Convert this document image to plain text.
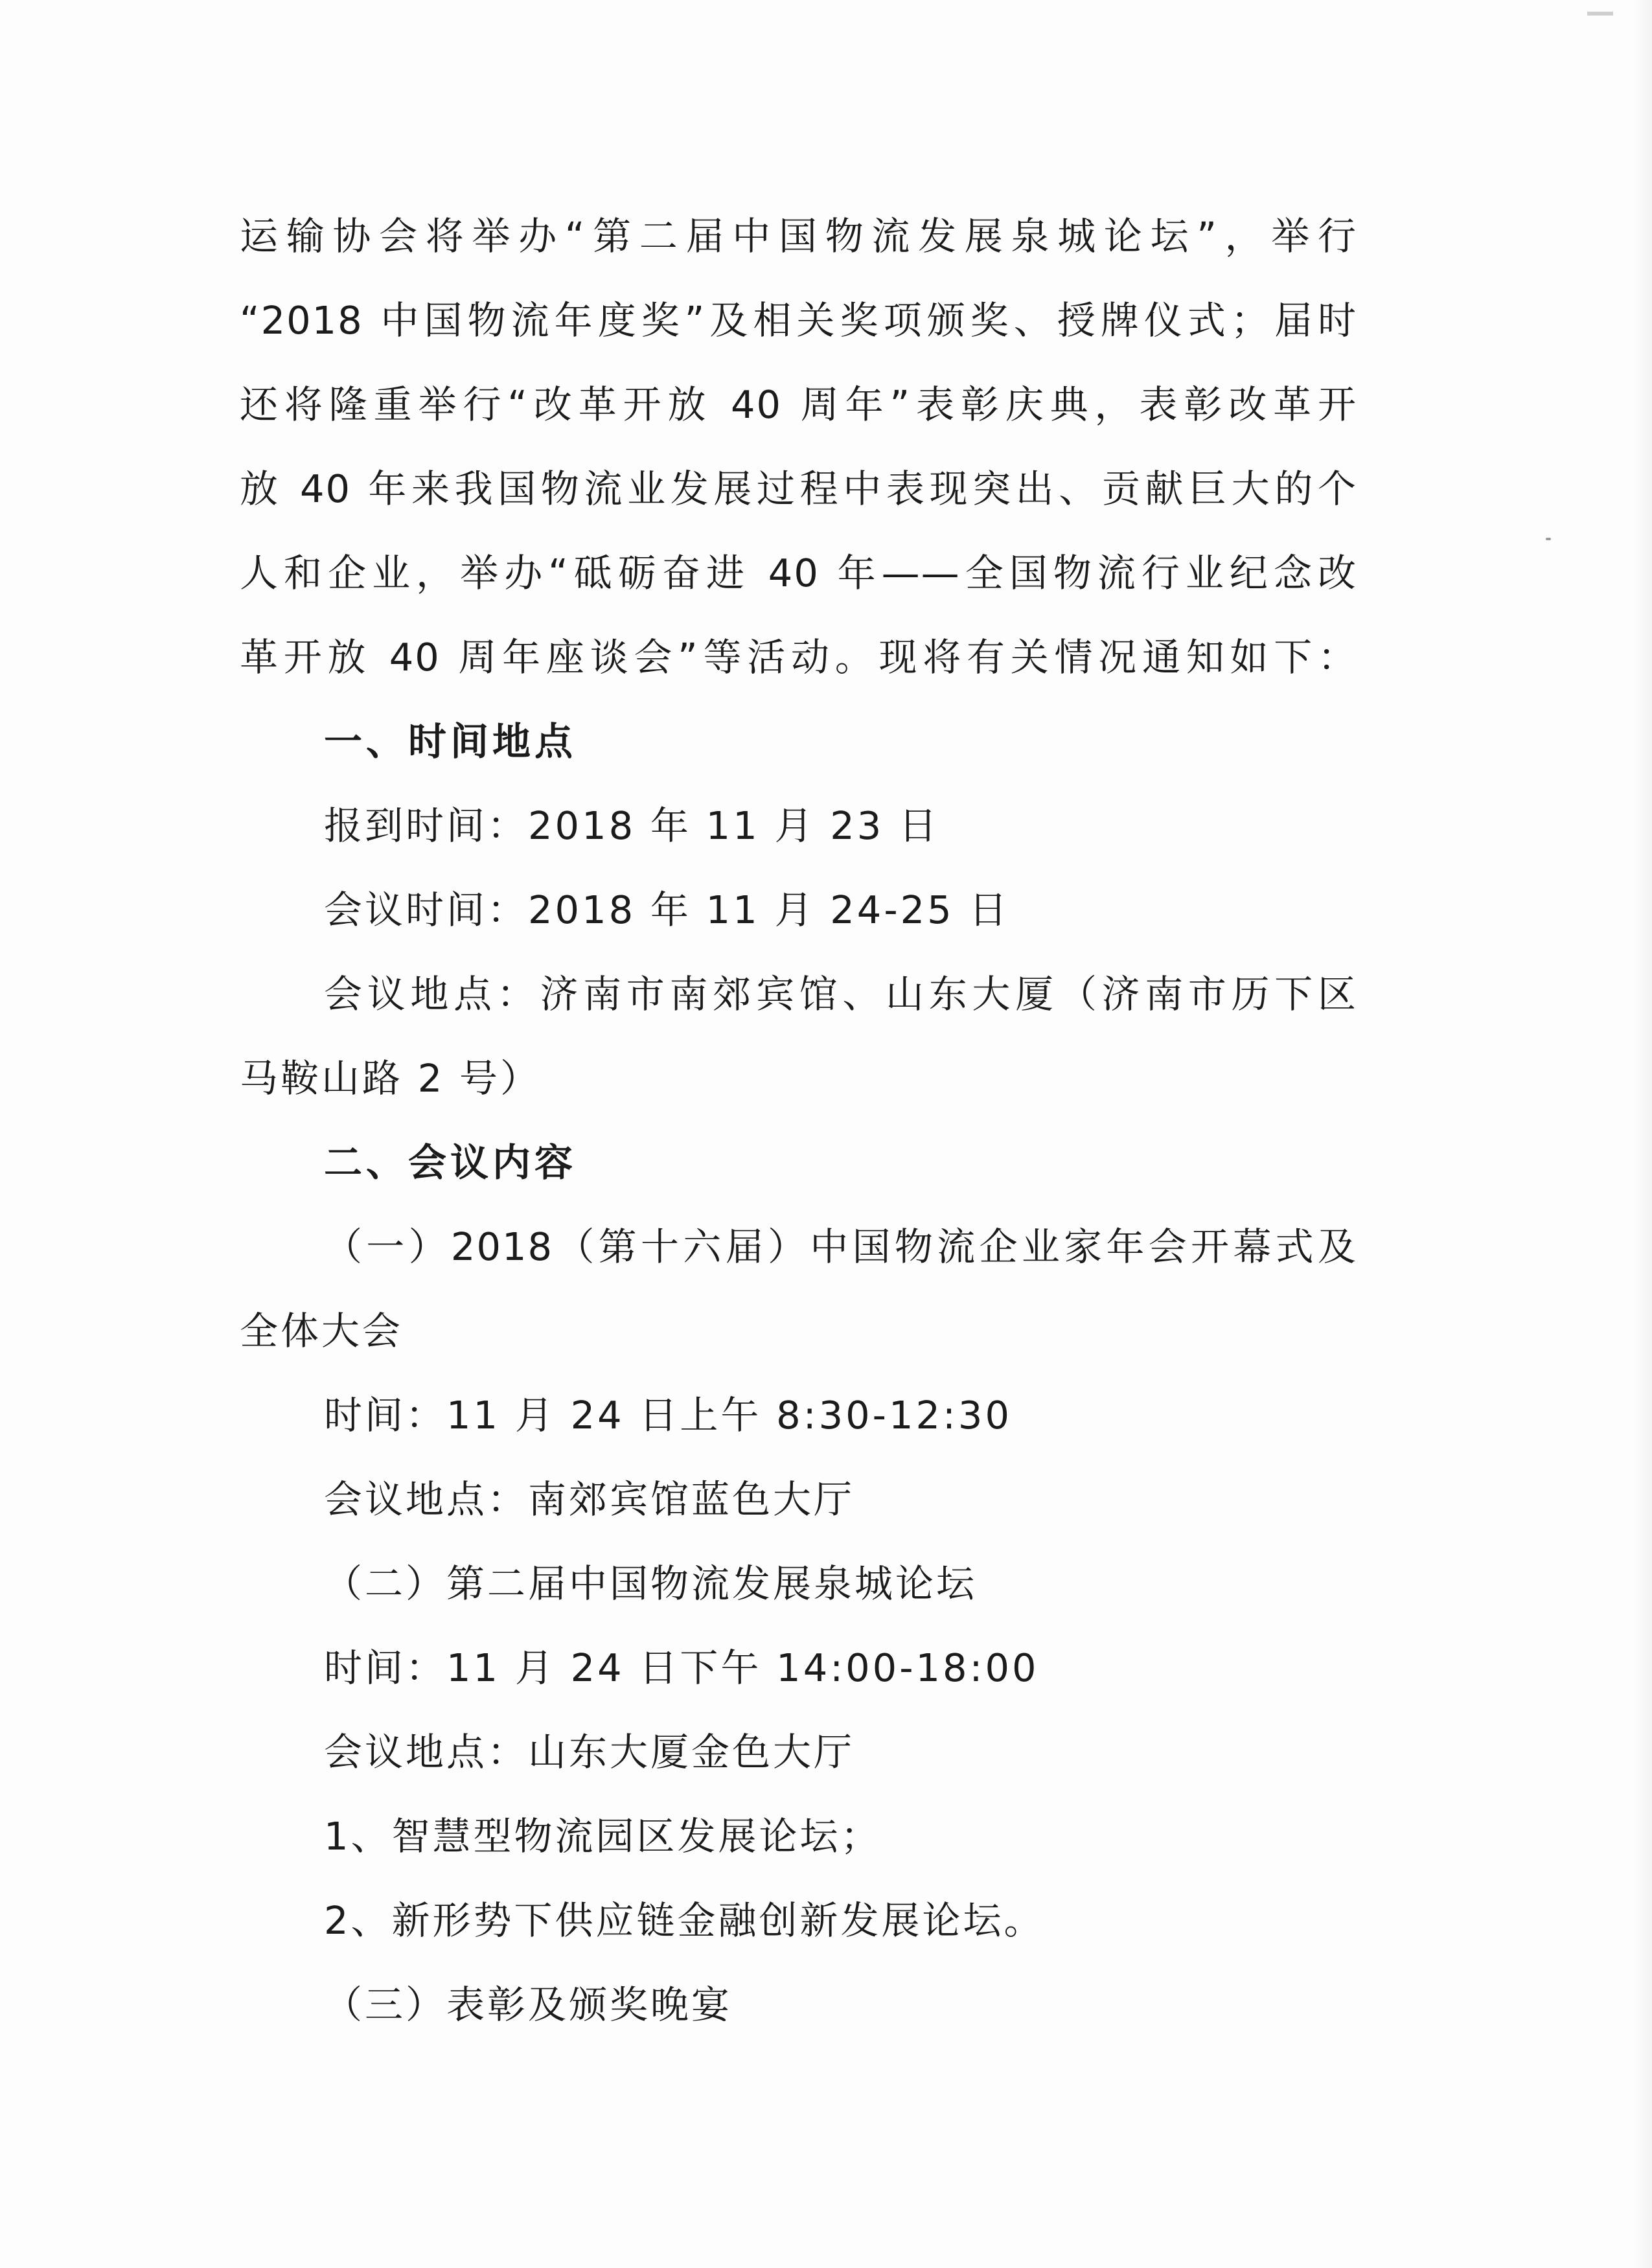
运输协会将举办“第二届中国物流发展泉城论坛”，举行
“2018 中国物流年度奖”及相关奖项颁奖、授牌仪式；届时
还将隆重举行“改革开放 40 周年”表彰庆典，表彰改革开
放 40 年来我国物流业发展过程中表现突出、贡献巨大的个
人和企业，举办“砥砺奋进 40 年——全国物流行业纪念改
革开放 40 周年座谈会”等活动。现将有关情况通知如下：
一、时间地点
报到时间：2018 年 11 月 23 日
会议时间：2018 年 11 月 24-25 日
会议地点：济南市南郊宾馆、山东大厦（济南市历下区
马鞍山路 2 号）
二、会议内容
（一）2018（第十六届）中国物流企业家年会开幕式及
全体大会
时间：11 月 24 日上午 8:30-12:30
会议地点：南郊宾馆蓝色大厅
（二）第二届中国物流发展泉城论坛
时间：11 月 24 日下午 14:00-18:00
会议地点：山东大厦金色大厅
1、智慧型物流园区发展论坛；
2、新形势下供应链金融创新发展论坛。
（三）表彰及颁奖晚宴
